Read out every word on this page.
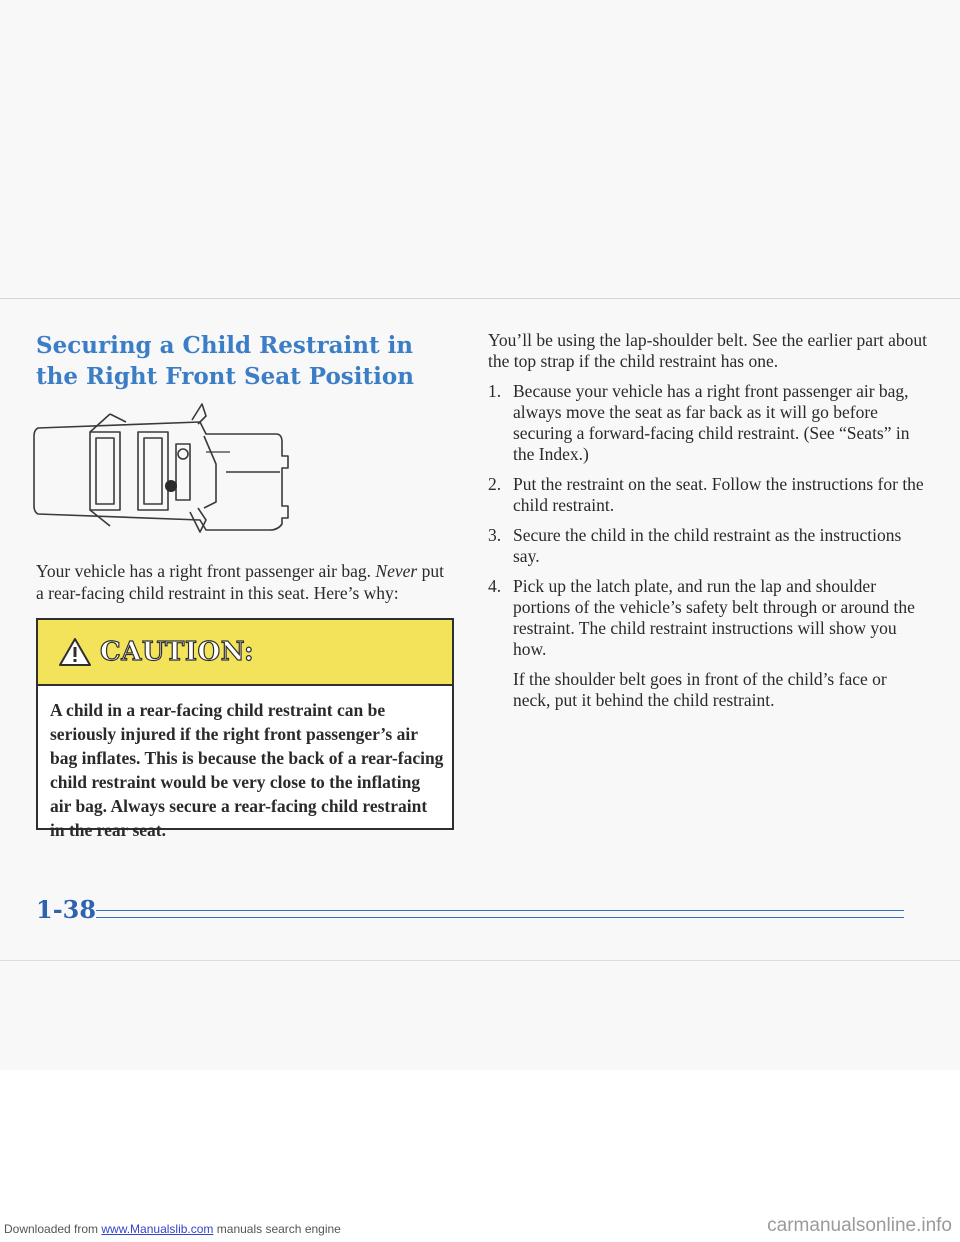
Securing a Child Restraint in the Right Front Seat Position

Your vehicle has a right front passenger air bag. Never put a rear-facing child restraint in this seat. Here’s why:

CAUTION:

A child in a rear-facing child restraint can be seriously injured if the right front passenger’s air bag inflates. This is because the back of a rear-facing child restraint would be very close to the inflating air bag. Always secure a rear-facing child restraint in the rear seat.

You’ll be using the lap-shoulder belt. See the earlier part about the top strap if the child restraint has one.

1. Because your vehicle has a right front passenger air bag, always move the seat as far back as it will go before securing a forward-facing child restraint. (See “Seats” in the Index.)
2. Put the restraint on the seat. Follow the instructions for the child restraint.
3. Secure the child in the child restraint as the instructions say.
4. Pick up the latch plate, and run the lap and shoulder portions of the vehicle’s safety belt through or around the restraint. The child restraint instructions will show you how.

If the shoulder belt goes in front of the child’s face or neck, put it behind the child restraint.

1-38
Downloaded from www.Manualslib.com manuals search engine	carmanualsonline.info
